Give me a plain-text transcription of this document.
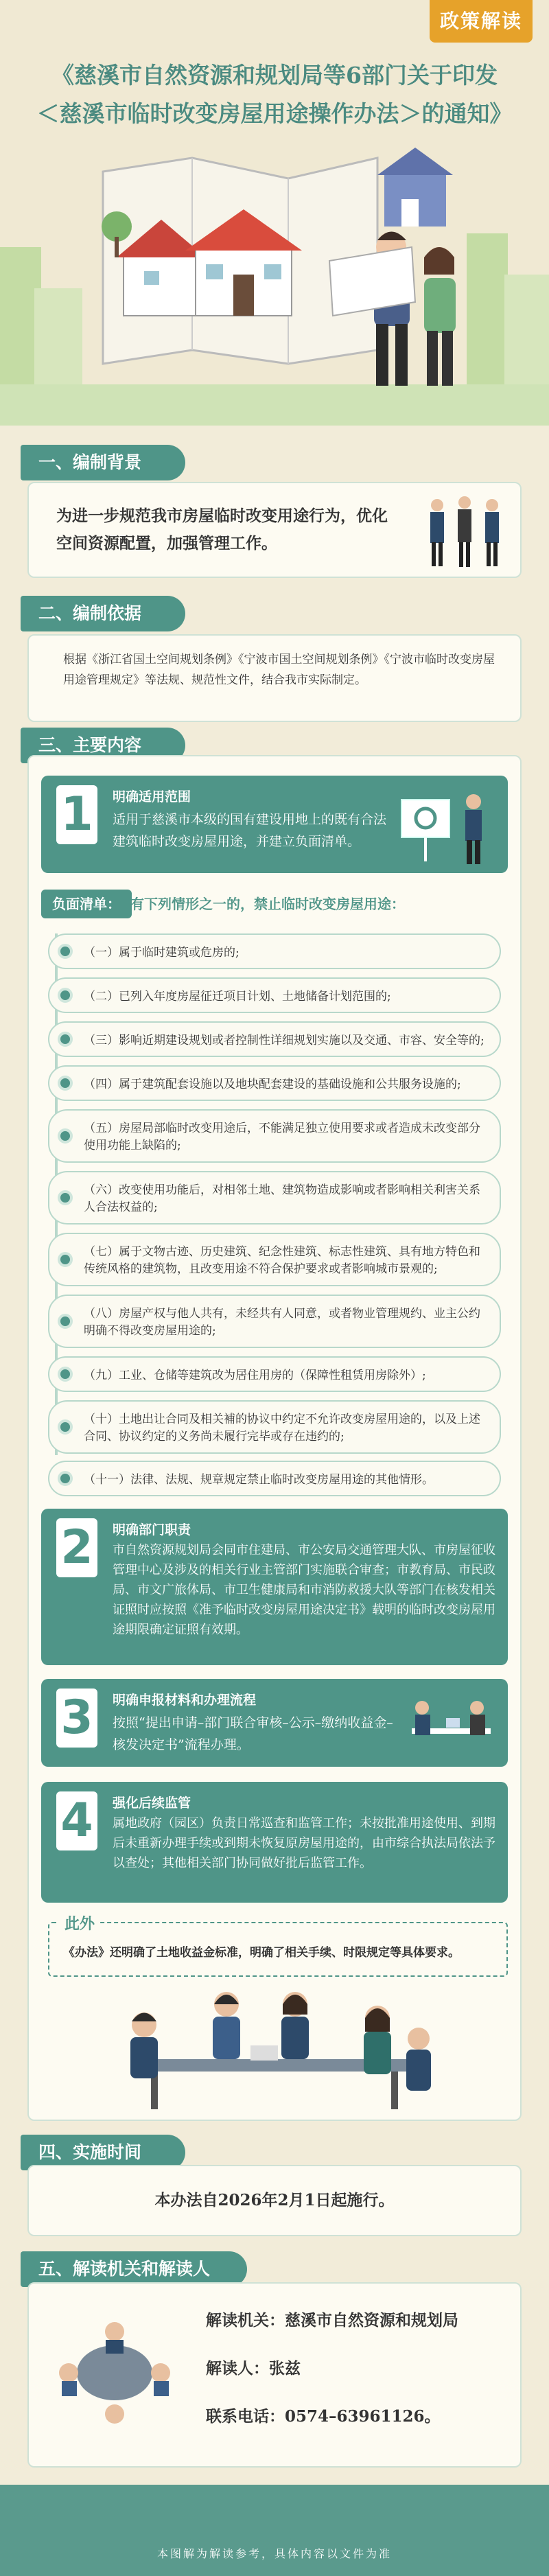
政策解读
《慈溪市自然资源和规划局等6部门关于印发
＜慈溪市临时改变房屋用途操作办法＞的通知》
一、编制背景
为进一步规范我市房屋临时改变用途行为，优化空间资源配置，加强管理工作。
二、编制依据
根据《浙江省国土空间规划条例》《宁波市国土空间规划条例》《宁波市临时改变房屋用途管理规定》等法规、规范性文件，结合我市实际制定。
三、主要内容
1	明确适用范围
适用于慈溪市本级的国有建设用地上的既有合法建筑临时改变房屋用途，并建立负面清单。
负面清单： 有下列情形之一的，禁止临时改变房屋用途：
（一）属于临时建筑或危房的;
（二）已列入年度房屋征迁项目计划、土地储备计划范围的;
（三）影响近期建设规划或者控制性详细规划实施以及交通、市容、安全等的;
（四）属于建筑配套设施以及地块配套建设的基础设施和公共服务设施的;
（五）房屋局部临时改变用途后，不能满足独立使用要求或者造成未改变部分使用功能上缺陷的;
（六）改变使用功能后，对相邻土地、建筑物造成影响或者影响相关利害关系人合法权益的;
（七）属于文物古迹、历史建筑、纪念性建筑、标志性建筑、具有地方特色和传统风格的建筑物，且改变用途不符合保护要求或者影响城市景观的;
（八）房屋产权与他人共有，未经共有人同意，或者物业管理规约、业主公约明确不得改变房屋用途的;
（九）工业、仓储等建筑改为居住用房的（保障性租赁用房除外）;
（十）土地出让合同及相关補的协议中约定不允许改变房屋用途的，以及上述合同、协议约定的义务尚未履行完毕或存在违约的;
（十一）法律、法规、规章规定禁止临时改变房屋用途的其他情形。
2	明确部门职责
市自然资源规划局会同市住建局、市公安局交通管理大队、市房屋征收管理中心及涉及的相关行业主管部门实施联合审查；市教育局、市民政局、市文广旅体局、市卫生健康局和市消防救援大队等部门在核发相关证照时应按照《准予临时改变房屋用途决定书》载明的临时改变房屋用途期限确定证照有效期。
3	明确申报材料和办理流程
按照“提出申请–部门联合审核–公示–缴纳收益金–核发决定书”流程办理。
4	强化后续监管
属地政府（园区）负责日常巡查和监管工作；未按批准用途使用、到期后未重新办理手续或到期未恢复原房屋用途的，由市综合执法局依法予以查处；其他相关部门协同做好批后监管工作。
此外
《办法》还明确了土地收益金标准，明确了相关手续、时限规定等具体要求。
四、实施时间
本办法自2026年2月1日起施行。
五、解读机关和解读人
解读机关：慈溪市自然资源和规划局
解读人：张兹
联系电话：0574–63961126。
本图解为解读参考，具体内容以文件为准
